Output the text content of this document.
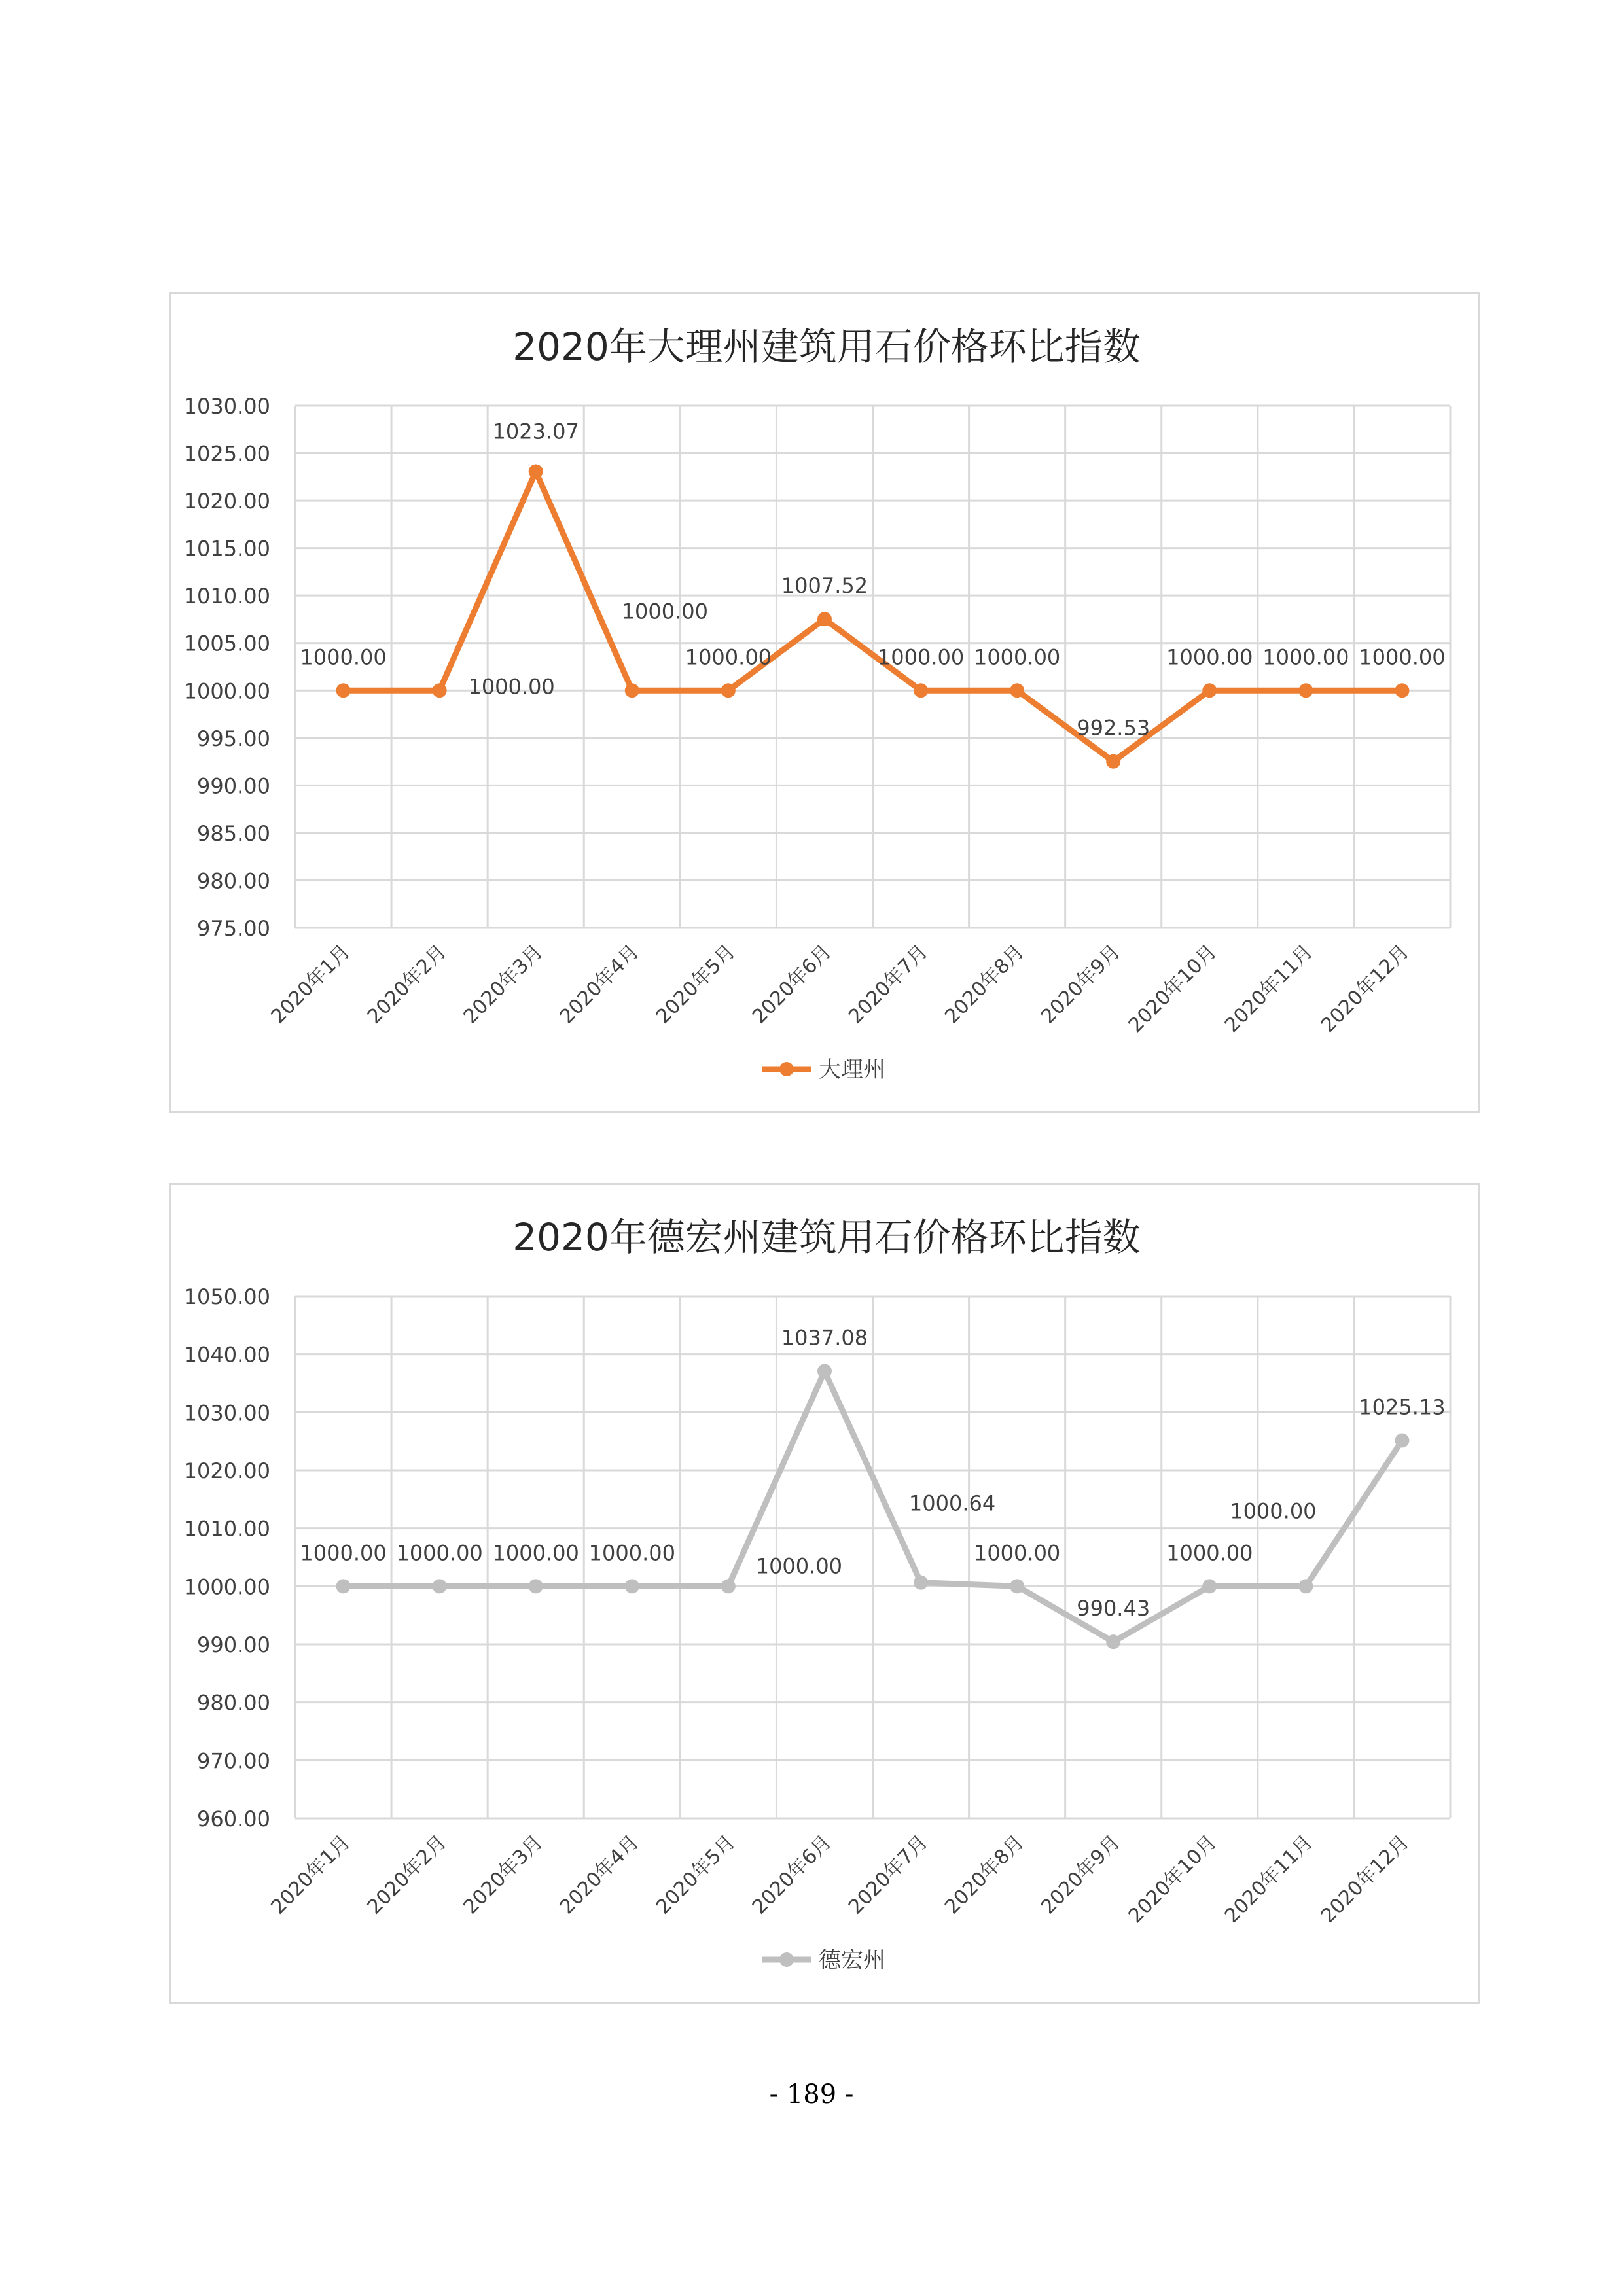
2020年大理州建筑用石价格环比指数
975.00
980.00
985.00
990.00
995.00
1000.00
1005.00
1010.00
1015.00
1020.00
1025.00
1030.00
2020年1月 2020年2月 2020年3月 2020年4月 2020年5月 2020年6月 2020年7月 2020年8月 2020年9月
2020年10月
2020年11月
2020年12月
1000.00
1000.00
1023.07
1000.00
1000.00
1007.52
1000.00 1000.00
992.53
1000.00 1000.00 1000.00
大理州
2020年德宏州建筑用石价格环比指数
960.00
970.00
980.00
990.00
1000.00
1010.00
1020.00
1030.00
1040.00
1050.00
2020年1月 2020年2月 2020年3月 2020年4月 2020年5月 2020年6月 2020年7月 2020年8月 2020年9月
2020年10月
2020年11月
2020年12月
1000.00 1000.00 1000.00 1000.00
1000.00
1037.08
1000.64
1000.00
990.43
1000.00
1000.00
1025.13
德宏州
- 189 -
